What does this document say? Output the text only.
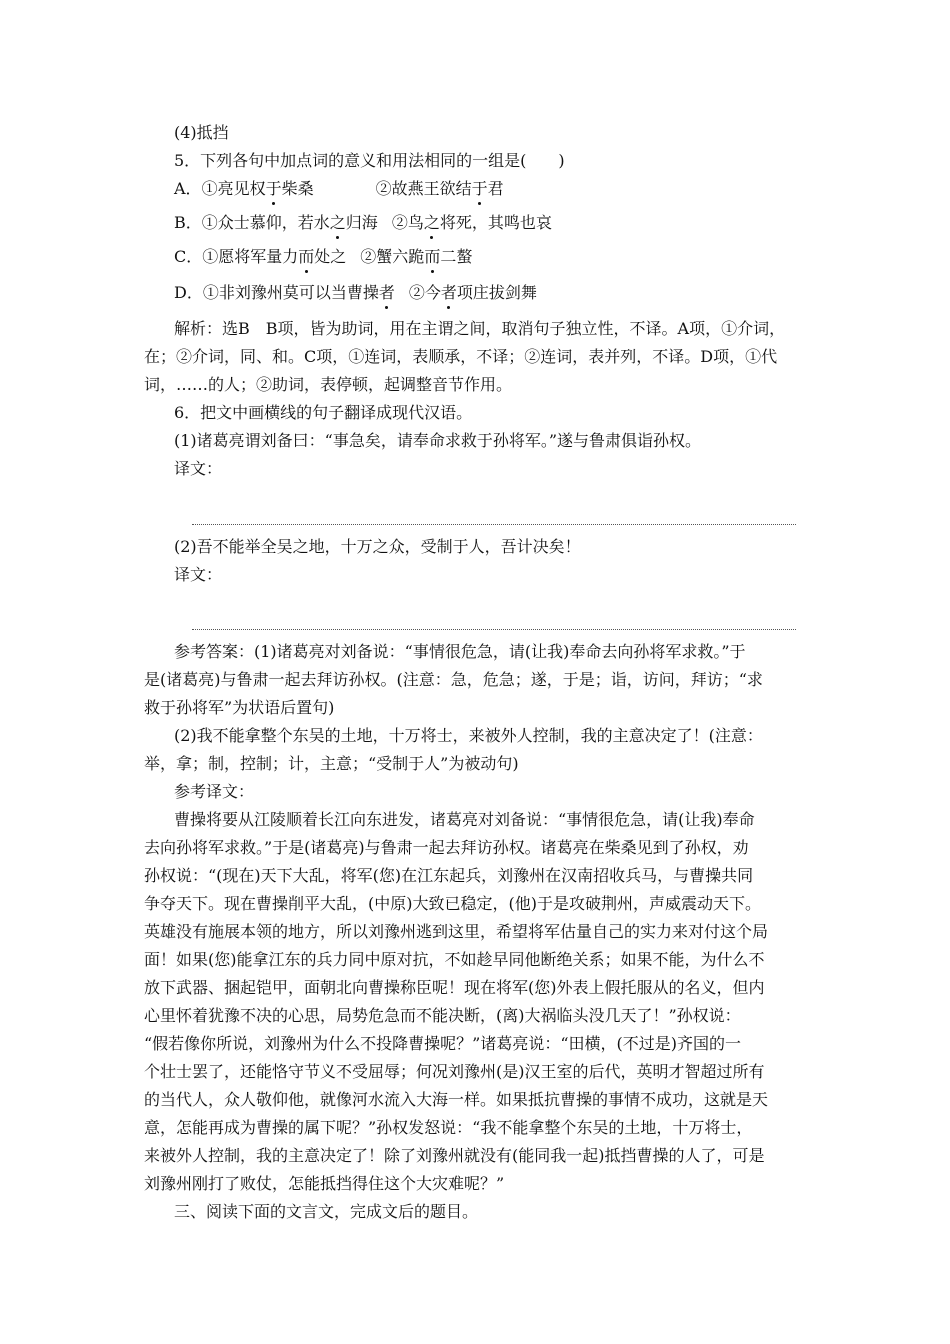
(4)抵挡
5．下列各句中加点词的意义和用法相同的一组是(　　)
A．①亮见权于柴桑	②故燕王欲结于君
B．①众士慕仰，若水之归海 ②鸟之将死，其鸣也哀
C．①愿将军量力而处之 ②蟹六跪而二螯
D．①非刘豫州莫可以当曹操者 ②今者项庄拔剑舞
解析：选B　B项，皆为助词，用在主谓之间，取消句子独立性，不译。A项，①介词，
在；②介词，同、和。C项，①连词，表顺承，不译；②连词，表并列，不译。D项，①代
词，……的人；②助词，表停顿，起调整音节作用。
6．把文中画横线的句子翻译成现代汉语。
(1)诸葛亮谓刘备曰：“事急矣，请奉命求救于孙将军。”遂与鲁肃俱诣孙权。
译文：
(2)吾不能举全吴之地，十万之众，受制于人，吾计决矣！
译文：
参考答案：(1)诸葛亮对刘备说：“事情很危急，请(让我)奉命去向孙将军求救。”于
是(诸葛亮)与鲁肃一起去拜访孙权。(注意：急，危急；遂，于是；诣，访问，拜访；“求
救于孙将军”为状语后置句)
(2)我不能拿整个东吴的土地，十万将士，来被外人控制，我的主意决定了！(注意：
举，拿；制，控制；计，主意；“受制于人”为被动句)
参考译文：
曹操将要从江陵顺着长江向东进发，诸葛亮对刘备说：“事情很危急，请(让我)奉命
去向孙将军求救。”于是(诸葛亮)与鲁肃一起去拜访孙权。诸葛亮在柴桑见到了孙权，劝
孙权说：“(现在)天下大乱，将军(您)在江东起兵，刘豫州在汉南招收兵马，与曹操共同
争夺天下。现在曹操削平大乱，(中原)大致已稳定，(他)于是攻破荆州，声威震动天下。
英雄没有施展本领的地方，所以刘豫州逃到这里，希望将军估量自己的实力来对付这个局
面！如果(您)能拿江东的兵力同中原对抗，不如趁早同他断绝关系；如果不能，为什么不
放下武器、捆起铠甲，面朝北向曹操称臣呢！现在将军(您)外表上假托服从的名义，但内
心里怀着犹豫不决的心思，局势危急而不能决断，(离)大祸临头没几天了！”孙权说：
“假若像你所说，刘豫州为什么不投降曹操呢？”诸葛亮说：“田横，(不过是)齐国的一
个壮士罢了，还能恪守节义不受屈辱；何况刘豫州(是)汉王室的后代，英明才智超过所有
的当代人，众人敬仰他，就像河水流入大海一样。如果抵抗曹操的事情不成功，这就是天
意，怎能再成为曹操的属下呢？”孙权发怒说：“我不能拿整个东吴的土地，十万将士，
来被外人控制，我的主意决定了！除了刘豫州就没有(能同我一起)抵挡曹操的人了，可是
刘豫州刚打了败仗，怎能抵挡得住这个大灾难呢？”
三、阅读下面的文言文，完成文后的题目。
